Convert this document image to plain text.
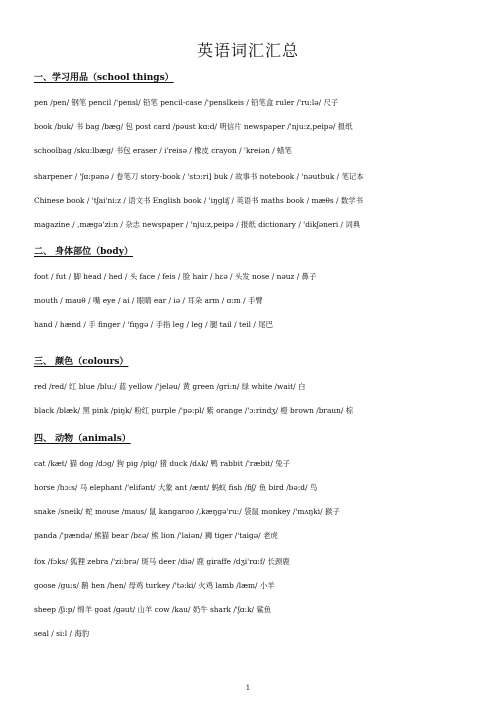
英语词汇汇总
一、学习用品（school things）
pen /pen/ 钢笔 pencil /'pensl/ 铅笔 pencil-case /'penslkeis / 铅笔盒 ruler /'ru:lə/ 尺子
book /buk/ 书 bag /bæg/ 包 post card /pəust kɑ:d/ 明信片 newspaper /'nju:z,peipə/ 报纸
schoolbag /sku:lbæg/ 书包 eraser / i'reisə / 橡皮 crayon / 'kreiən / 蜡笔
sharpener / 'ʃɑ:pənə / 卷笔刀 story-book / 'stɔ:ri] buk / 故事书 notebook / 'nəutbuk / 笔记本
Chinese book / 'tʃai'ni:z / 语文书 English book / 'iŋgliʃ / 英语书 maths book / mæθs / 数学书
magazine / ,mægə'zi:n / 杂志 newspaper / 'nju:z,peipə / 报纸 dictionary / 'dikʃəneri / 词典
二、 身体部位（body）
foot / fut / 脚 head / hed / 头 face / feis / 脸 hair / hɛə / 头发 nose / nəuz / 鼻子
mouth / mauθ / 嘴 eye / ai / 眼睛 ear / iə / 耳朵 arm / ɑ:m / 手臂
hand / hænd / 手 finger / 'fiŋgə / 手指 leg / leg / 腿 tail / teil / 尾巴
三、 颜色（colours）
red /red/ 红 blue /blu:/ 蓝 yellow /'jeləu/ 黄 green /gri:n/ 绿 white /wait/ 白
black /blæk/ 黑 pink /piŋk/ 粉红 purple /'pə:pl/ 紫 orange /'ɔ:rindʒ/ 橙 brown /braun/ 棕
四、 动物（animals）
cat /kæt/ 猫 dog /dɔg/ 狗 pig /pig/ 猪 duck /dʌk/ 鸭 rabbit /'ræbit/ 兔子
horse /hɔ:s/ 马 elephant /'elifənt/ 大象 ant /ænt/ 蚂蚁 fish /fiʃ/ 鱼 bird /bə:d/ 鸟
snake /sneik/ 蛇 mouse /maus/ 鼠 kangaroo /,kæŋgə'ru:/ 袋鼠 monkey /'mʌŋki/ 猴子
panda /'pændə/ 熊猫 bear /bɛə/ 熊 lion /'laiən/ 狮 tiger /'taigə/ 老虎
fox /fɔks/ 狐狸 zebra /'zi:brə/ 斑马 deer /diə/ 鹿 giraffe /dʒi'rɑ:f/ 长颈鹿
goose /gu:s/ 鹅 hen /hen/ 母鸡 turkey /'tə:ki/ 火鸡 lamb /læm/ 小羊
sheep /ʃi:p/ 绵羊 goat /gəut/ 山羊 cow /kau/ 奶牛 shark /'ʃɑ:k/ 鲨鱼
seal / si:l / 海豹
1
